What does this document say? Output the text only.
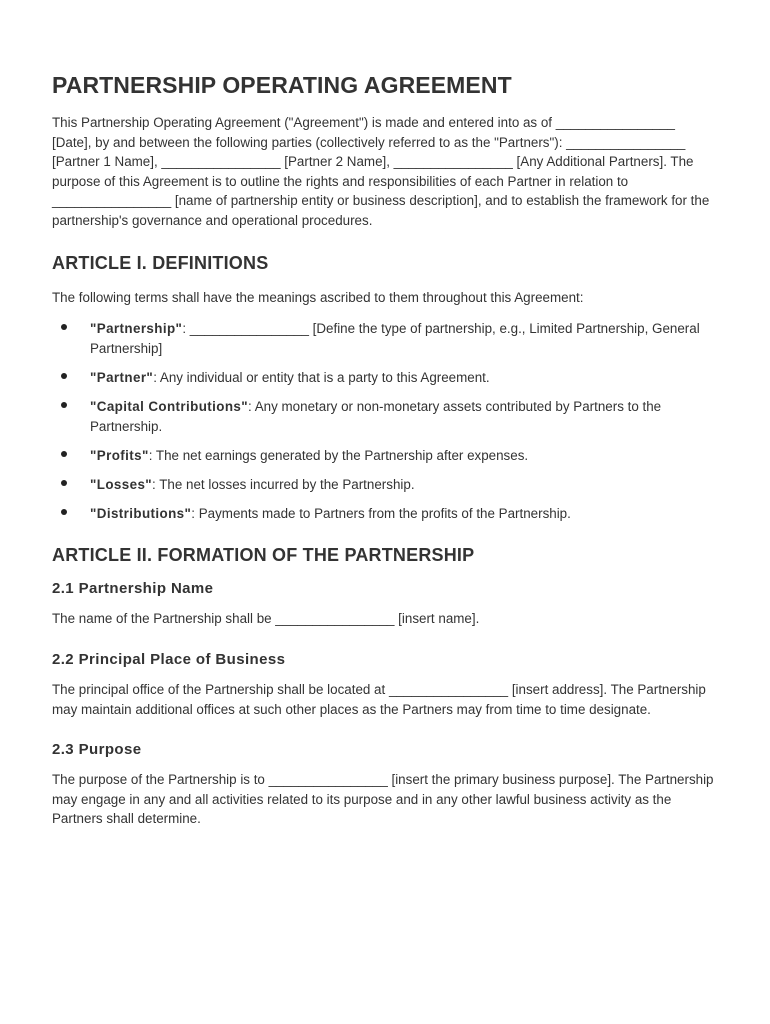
PARTNERSHIP OPERATING AGREEMENT

This Partnership Operating Agreement ("Agreement") is made and entered into as of ________________ [Date], by and between the following parties (collectively referred to as the "Partners"): ________________ [Partner 1 Name], ________________ [Partner 2 Name], ________________ [Any Additional Partners]. The purpose of this Agreement is to outline the rights and responsibilities of each Partner in relation to ________________ [name of partnership entity or business description], and to establish the framework for the partnership's governance and operational procedures.

ARTICLE I. DEFINITIONS

The following terms shall have the meanings ascribed to them throughout this Agreement:

"Partnership": ________________ [Define the type of partnership, e.g., Limited Partnership, General Partnership]
"Partner": Any individual or entity that is a party to this Agreement.
"Capital Contributions": Any monetary or non-monetary assets contributed by Partners to the Partnership.
"Profits": The net earnings generated by the Partnership after expenses.
"Losses": The net losses incurred by the Partnership.
"Distributions": Payments made to Partners from the profits of the Partnership.
ARTICLE II. FORMATION OF THE PARTNERSHIP
2.1 Partnership Name

The name of the Partnership shall be ________________ [insert name].

2.2 Principal Place of Business

The principal office of the Partnership shall be located at ________________ [insert address]. The Partnership may maintain additional offices at such other places as the Partners may from time to time designate.

2.3 Purpose

The purpose of the Partnership is to ________________ [insert the primary business purpose]. The Partnership may engage in any and all activities related to its purpose and in any other lawful business activity as the Partners shall determine.
